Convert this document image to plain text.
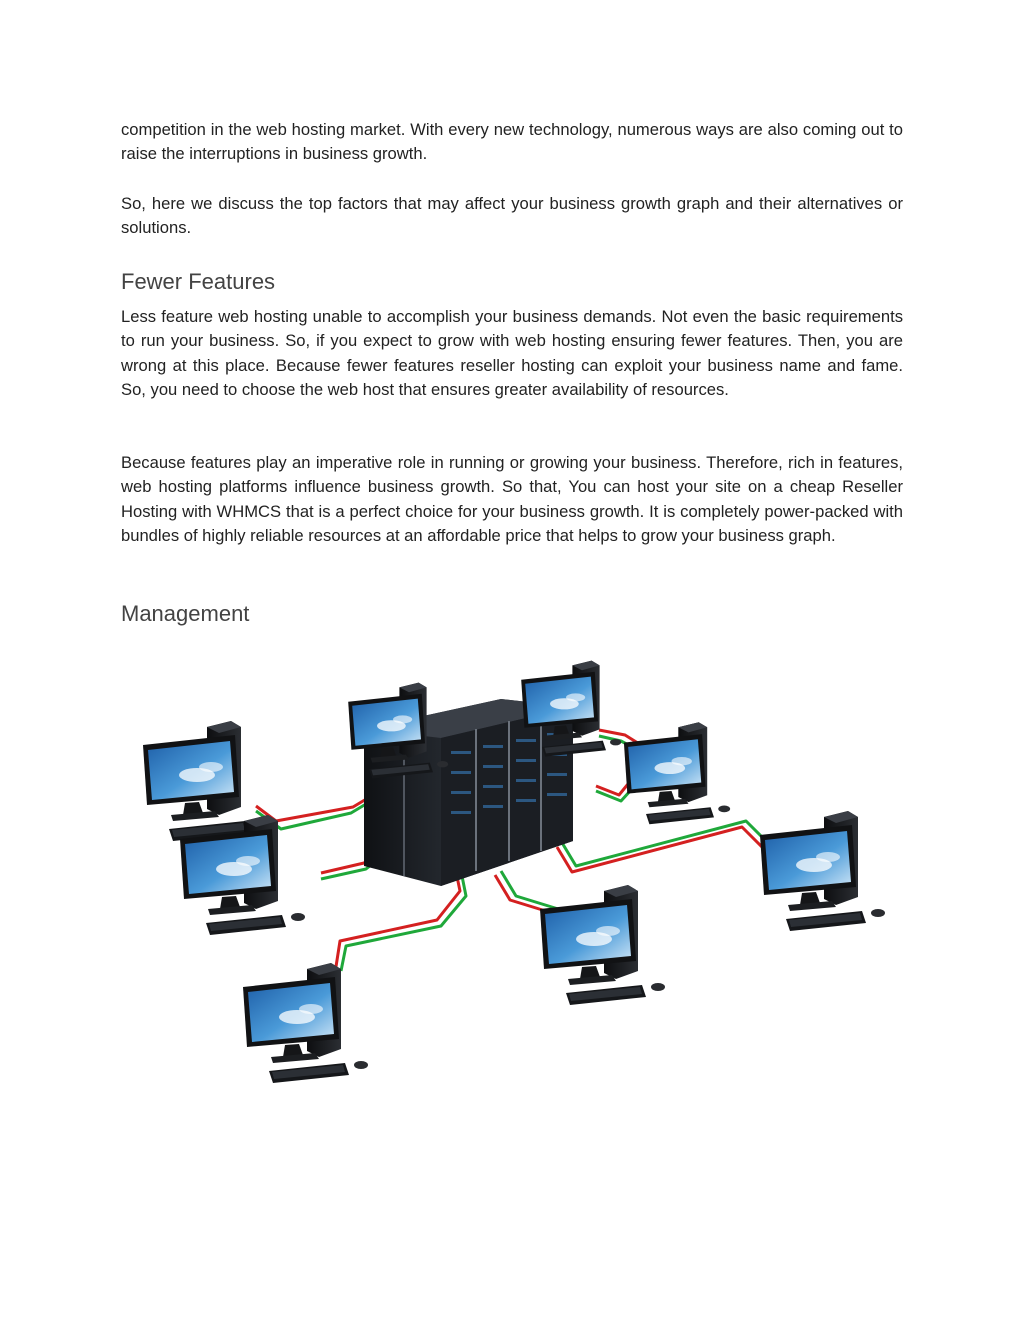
competition in the web hosting market. With every new technology, numerous ways are also coming out to raise the interruptions in business growth.

So, here we discuss the top factors that may affect your business growth graph and their alternatives or solutions.

Fewer Features

Less feature web hosting unable to accomplish your business demands. Not even the basic requirements to run your business. So, if you expect to grow with web hosting ensuring fewer features. Then, you are wrong at this place. Because fewer features reseller hosting can exploit your business name and fame. So, you need to choose the web host that ensures greater availability of resources.

Because features play an imperative role in running or growing your business. Therefore, rich in features, web hosting platforms influence business growth. So that, You can host your site on a cheap Reseller Hosting with WHMCS that is a perfect choice for your business growth. It is completely power-packed with bundles of highly reliable resources at an affordable price that helps to grow your business graph.

Management
